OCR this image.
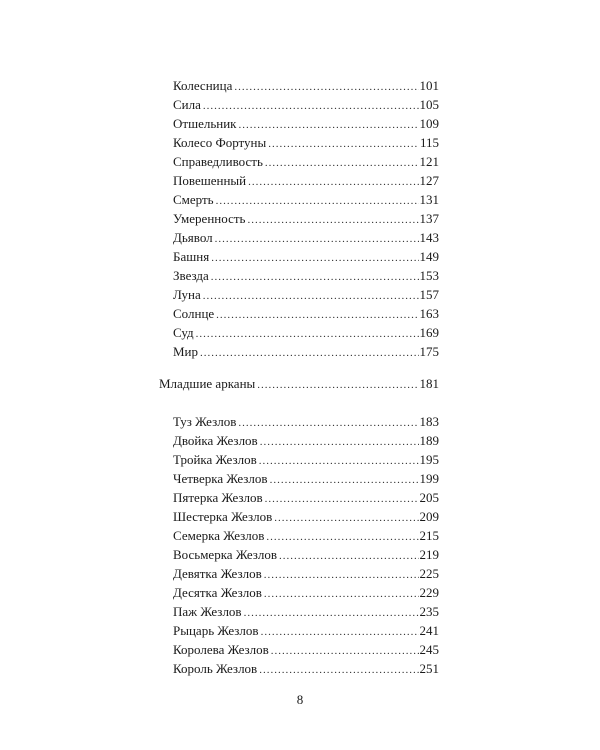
Колесница .....	101
Сила .....	105
Отшельник .....	109
Колесо Фортуны .....	115
Справедливость .....	121
Повешенный .....	127
Смерть .....	131
Умеренность .....	137
Дьявол .....	143
Башня .....	149
Звезда .....	153
Луна .....	157
Солнце .....	163
Суд .....	169
Мир .....	175
Младшие арканы .....	181
Туз Жезлов .....	183
Двойка Жезлов .....	189
Тройка Жезлов .....	195
Четверка Жезлов .....	199
Пятерка Жезлов .....	205
Шестерка Жезлов .....	209
Семерка Жезлов .....	215
Восьмерка Жезлов .....	219
Девятка Жезлов .....	225
Десятка Жезлов .....	229
Паж Жезлов .....	235
Рыцарь Жезлов .....	241
Королева Жезлов .....	245
Король Жезлов .....	251
8
